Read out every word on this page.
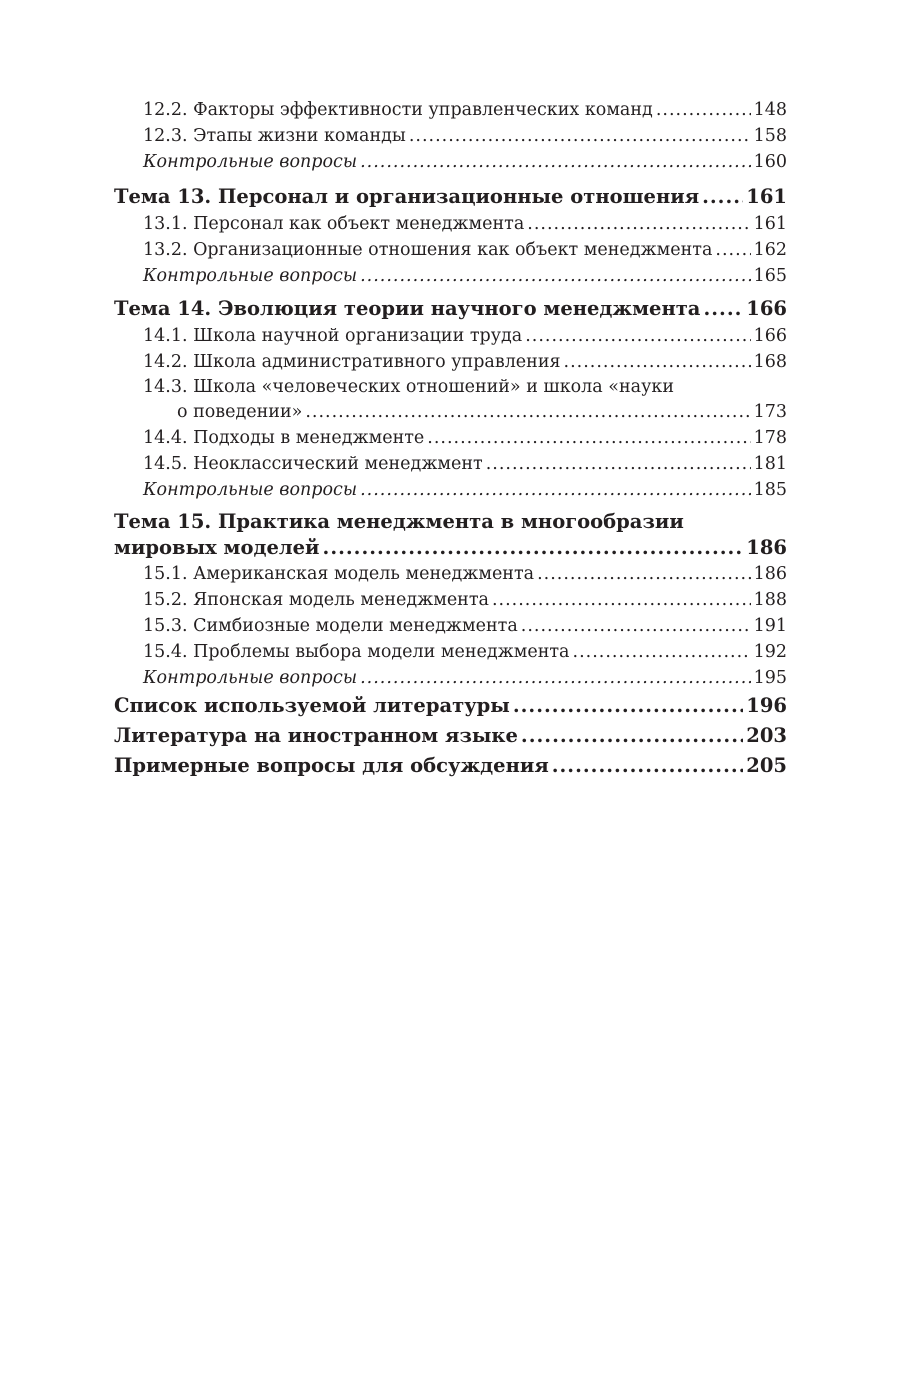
12.2. Факторы эффективности управленческих команд .....	148
12.3. Этапы жизни команды .....	158
Контрольные вопросы .....	160
Тема 13. Персонал и организационные отношения ..... 161
13.1. Персонал как объект менеджмента .....	161
13.2. Организационные отношения как объект менеджмента ..... 162
Контрольные вопросы .....	165
Тема 14. Эволюция теории научного менеджмента ..... 166
14.1. Школа научной организации труда .....	166
14.2. Школа административного управления .....	168
14.3. Школа «человеческих отношений» и школа «науки
о поведении» .....	173
14.4. Подходы в менеджменте .....	178
14.5. Неоклассический менеджмент .....	181
Контрольные вопросы .....	185
Тема 15. Практика менеджмента в многообразии
мировых моделей .....	186
15.1. Американская модель менеджмента .....	186
15.2. Японская модель менеджмента .....	188
15.3. Симбиозные модели менеджмента .....	191
15.4. Проблемы выбора модели менеджмента .....	192
Контрольные вопросы .....	195
Список используемой литературы .....	196
Литература на иностранном языке .....	203
Примерные вопросы для обсуждения .....	205
